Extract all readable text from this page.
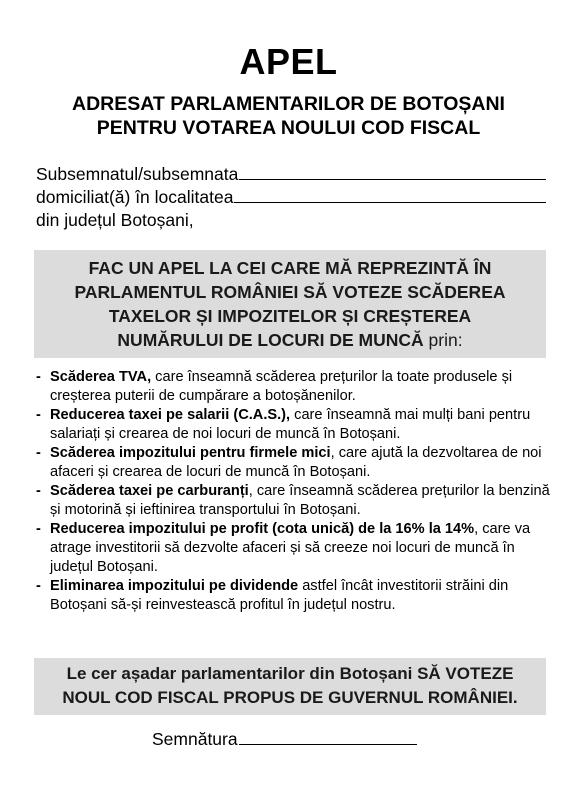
APEL
ADRESAT PARLAMENTARILOR DE BOTOȘANI
PENTRU VOTAREA NOULUI COD FISCAL
Subsemnatul/subsemnata
domiciliat(ă) în localitatea
din județul Botoșani,
FAC UN APEL LA CEI CARE MĂ REPREZINTĂ ÎN
PARLAMENTUL ROMÂNIEI SĂ VOTEZE SCĂDEREA
TAXELOR ȘI IMPOZITELOR ȘI CREȘTEREA
NUMĂRULUI DE LOCURI DE MUNCĂ prin:
- Scăderea TVA, care înseamnă scăderea prețurilor la toate produsele și creșterea puterii de cumpărare a botoșănenilor.
- Reducerea taxei pe salarii (C.A.S.), care înseamnă mai mulți bani pentru salariați și crearea de noi locuri de muncă în Botoșani.
- Scăderea impozitului pentru firmele mici, care ajută la dezvoltarea de noi afaceri și crearea de locuri de muncă în Botoșani.
- Scăderea taxei pe carburanți, care înseamnă scăderea prețurilor la benzină și motorină și ieftinirea transportului în Botoșani.
- Reducerea impozitului pe profit (cota unică) de la 16% la 14%, care va atrage investitorii să dezvolte afaceri și să creeze noi locuri de muncă în județul Botoșani.
- Eliminarea impozitului pe dividende astfel încât investitorii străini din Botoșani să-și reinvestească profitul în județul nostru.
Le cer așadar parlamentarilor din Botoșani SĂ VOTEZE
NOUL COD FISCAL PROPUS DE GUVERNUL ROMÂNIEI.
Semnătura
